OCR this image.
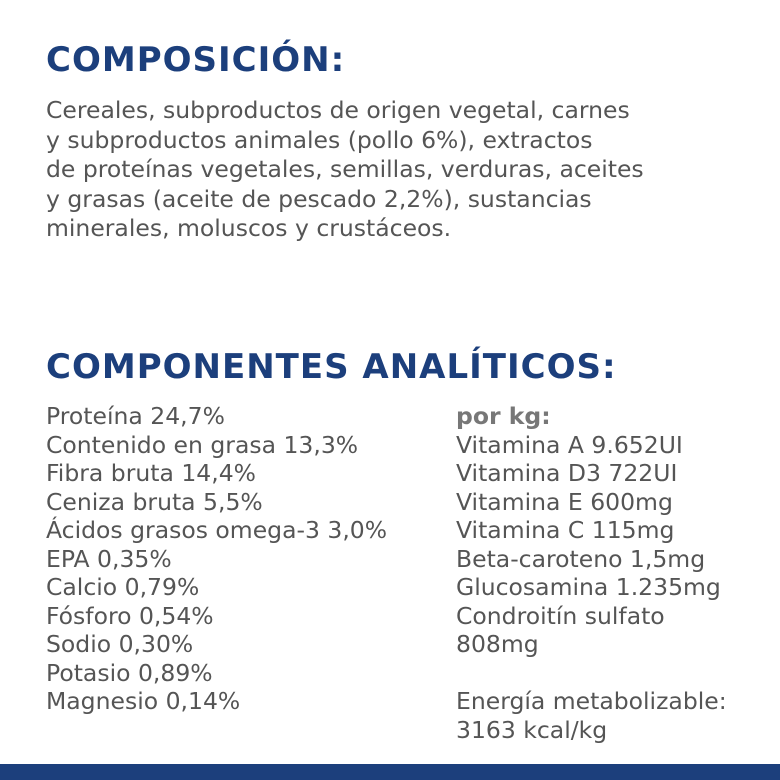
COMPOSICIÓN:
Cereales, subproductos de origen vegetal, carnes
y subproductos animales (pollo 6%), extractos
de proteínas vegetales, semillas, verduras, aceites
y grasas (aceite de pescado 2,2%), sustancias
minerales, moluscos y crustáceos.
COMPONENTES ANALÍTICOS:
Proteína 24,7%
Contenido en grasa 13,3%
Fibra bruta 14,4%
Ceniza bruta 5,5%
Ácidos grasos omega-3 3,0%
EPA 0,35%
Calcio 0,79%
Fósforo 0,54%
Sodio 0,30%
Potasio 0,89%
Magnesio 0,14%
por kg:
Vitamina A 9.652UI
Vitamina D3 722UI
Vitamina E 600mg
Vitamina C 115mg
Beta-caroteno 1,5mg
Glucosamina 1.235mg
Condroitín sulfato
808mg
Energía metabolizable:
3163 kcal/kg
